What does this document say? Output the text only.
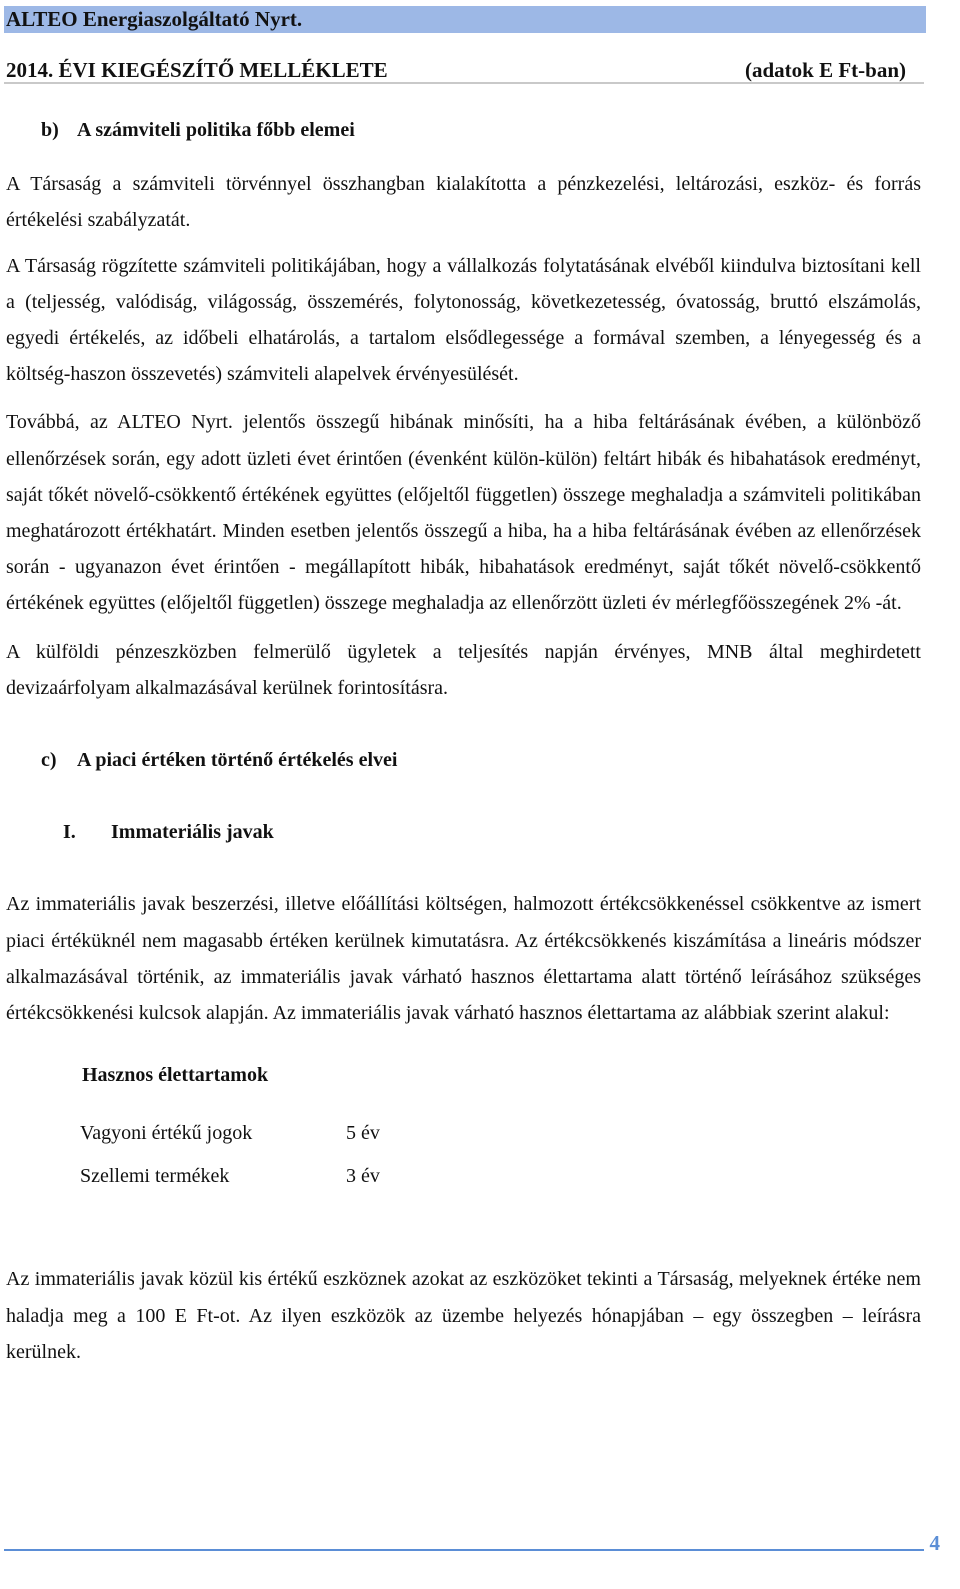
ALTEO Energiaszolgáltató Nyrt.
2014. ÉVI KIEGÉSZÍTŐ MELLÉKLETE	(adatok E Ft-ban)

b) A számviteli politika főbb elemei

A Társaság a számviteli törvénnyel összhangban kialakította a pénzkezelési, leltározási, eszköz- és forrás értékelési szabályzatát.

A Társaság rögzítette számviteli politikájában, hogy a vállalkozás folytatásának elvéből kiindulva biztosítani kell a (teljesség, valódiság, világosság, összemérés, folytonosság, következetesség, óvatosság, bruttó elszámolás, egyedi értékelés, az időbeli elhatárolás, a tartalom elsődlegessége a formával szemben, a lényegesség és a költség-haszon összevetés) számviteli alapelvek érvényesülését.

Továbbá, az ALTEO Nyrt. jelentős összegű hibának minősíti, ha a hiba feltárásának évében, a különböző ellenőrzések során, egy adott üzleti évet érintően (évenként külön-külön) feltárt hibák és hibahatások eredményt, saját tőkét növelő-csökkentő értékének együttes (előjeltől független) összege meghaladja a számviteli politikában meghatározott értékhatárt. Minden esetben jelentős összegű a hiba, ha a hiba feltárásának évében az ellenőrzések során - ugyanazon évet érintően - megállapított hibák, hibahatások eredményt, saját tőkét növelő-csökkentő értékének együttes (előjeltől független) összege meghaladja az ellenőrzött üzleti év mérlegfőösszegének 2% -át.

A külföldi pénzeszközben felmerülő ügyletek a teljesítés napján érvényes, MNB által meghirdetett devizaárfolyam alkalmazásával kerülnek forintosításra.

c) A piaci értéken történő értékelés elvei

I. Immateriális javak

Az immateriális javak beszerzési, illetve előállítási költségen, halmozott értékcsökkenéssel csökkentve az ismert piaci értéküknél nem magasabb értéken kerülnek kimutatásra. Az értékcsökkenés kiszámítása a lineáris módszer alkalmazásával történik, az immateriális javak várható hasznos élettartama alatt történő leírásához szükséges értékcsökkenési kulcsok alapján. Az immateriális javak várható hasznos élettartama az alábbiak szerint alakul:

Hasznos élettartamok

Vagyoni értékű jogok	5 év
Szellemi termékek	3 év

Az immateriális javak közül kis értékű eszköznek azokat az eszközöket tekinti a Társaság, melyeknek értéke nem haladja meg a 100 E Ft-ot. Az ilyen eszközök az üzembe helyezés hónapjában – egy összegben – leírásra kerülnek.

4
